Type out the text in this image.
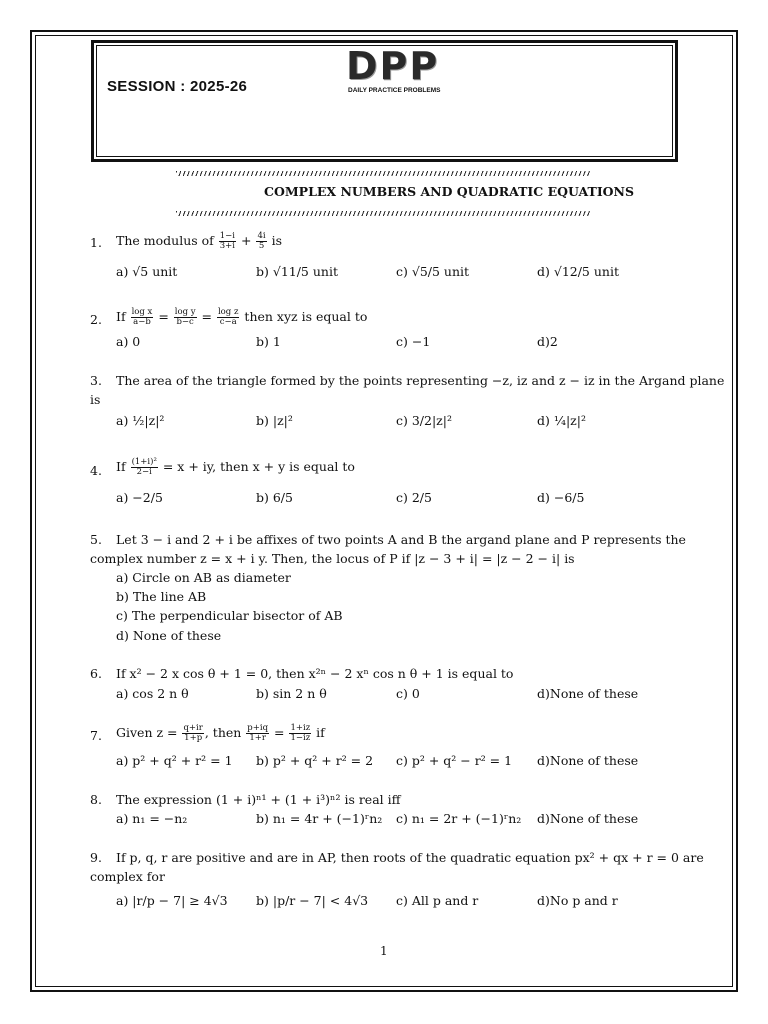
SESSION : 2025-26	DPP
DAILY PRACTICE PROBLEMS
COMPLEX NUMBERS AND QUADRATIC EQUATIONS
1. The modulus of $\frac{1-i}{3+i} + \frac{4i}{5}$ is
a) √5 unit	b) √11/5 unit	c) √5/5 unit	d) √12/5 unit
2. If $\frac{\text{log x}}{a-b} = \frac{\text{log y}}{b-c} = \frac{\text{log z}}{c-a}$ then xyz is equal to
a) 0	b) 1	c) −1	d)2
3. The area of the triangle formed by the points representing −z, iz and z − iz in the Argand plane
is
a) ½|z|²	b) |z|²	c) 3/2|z|²	d) ¼|z|²
4. If $\frac{\text{(1+i)²}}{2-i} = x$ + iy, then x + y is equal to
a) −2/5	b) 6/5	c) 2/5	d) −6/5
5. Let 3 − i and 2 + i be affixes of two points A and B the argand plane and P represents the
complex number z = x + i y. Then, the locus of P if |z − 3 + i| = |z − 2 − i| is
a) Circle on AB as diameter
b) The line AB
c) The perpendicular bisector of AB
d) None of these
6. If x² − 2 x cos θ + 1 = 0, then x²ⁿ − 2 xⁿ cos n θ + 1 is equal to
a) cos 2 n θ	b) sin 2 n θ	c) 0	d)None of these
7. Given $z = \frac{q+ir}{1+p}$ , then $\frac{p+iq}{1+r} = \frac{1+iz}{1-iz}$ if
a) p² + q² + r² = 1 b) p² + q² + r² = 2 c) p² + q² − r² = 1 d)None of these
8. The expression (1 + i)ⁿ¹ + (1 + i³)ⁿ² is real iff
a) n₁ = −n₂	b) n₁ = 4r + (−1)ʳn₂ c) n₁ = 2r + (−1)ʳn₂ d)None of these
9. If p, q, r are positive and are in AP, then roots of the quadratic equation px² + qx + r = 0 are
complex for
a) |r/p − 7| ≥ 4√3 b) |p/r − 7| < 4√3 c) All p and r	d)No p and r
1
